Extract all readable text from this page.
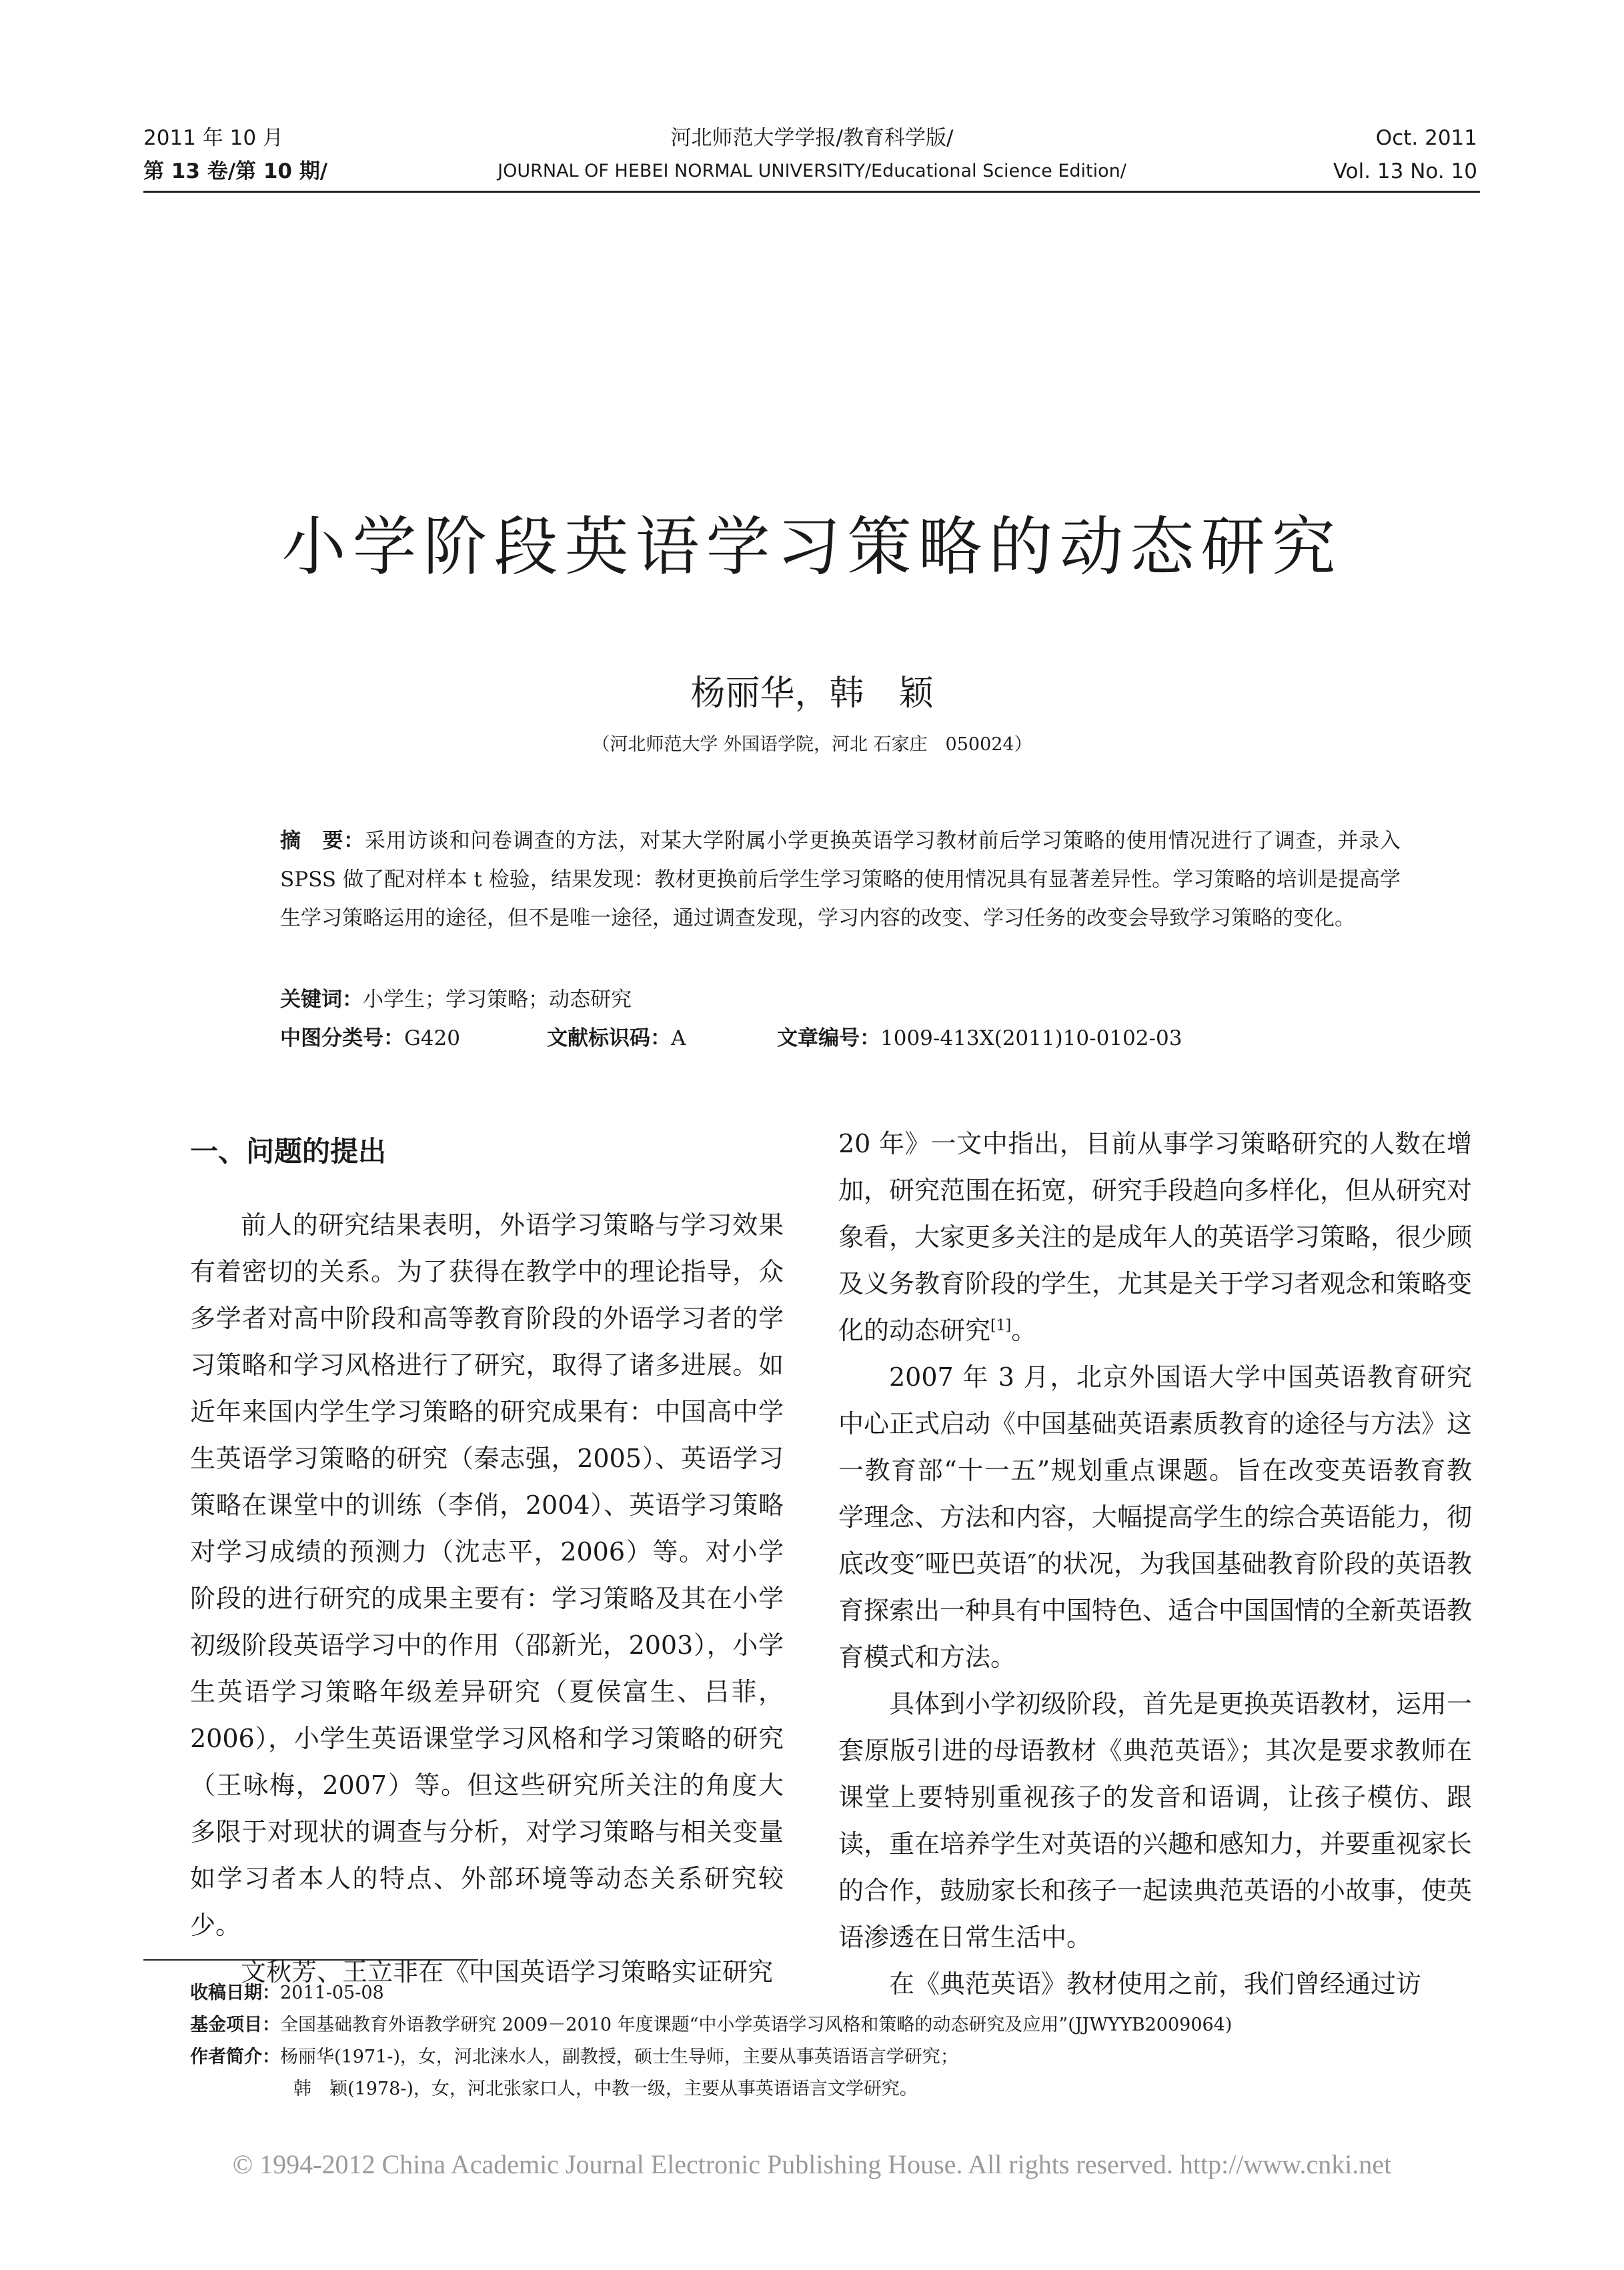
2011 年 10 月
第 13 卷/第 10 期/
河北师范大学学报/教育科学版/
JOURNAL OF HEBEI NORMAL UNIVERSITY/Educational Science Edition/
Oct. 2011
Vol. 13 No. 10
小学阶段英语学习策略的动态研究
杨丽华，韩　颖
（河北师范大学 外国语学院，河北 石家庄　050024）
摘　要：采用访谈和问卷调查的方法，对某大学附属小学更换英语学习教材前后学习策略的使用情况进行了调查，并录入 SPSS 做了配对样本 t 检验，结果发现：教材更换前后学生学习策略的使用情况具有显著差异性。学习策略的培训是提高学生学习策略运用的途径，但不是唯一途径，通过调查发现，学习内容的改变、学习任务的改变会导致学习策略的变化。
关键词：小学生；学习策略；动态研究
中图分类号：G420	文献标识码：A	文章编号：1009-413X(2011)10-0102-03
一、问题的提出

前人的研究结果表明，外语学习策略与学习效果有着密切的关系。为了获得在教学中的理论指导，众多学者对高中阶段和高等教育阶段的外语学习者的学习策略和学习风格进行了研究，取得了诸多进展。如近年来国内学生学习策略的研究成果有：中国高中学生英语学习策略的研究（秦志强，2005）、英语学习策略在课堂中的训练（李俏，2004）、英语学习策略对学习成绩的预测力（沈志平，2006）等。对小学阶段的进行研究的成果主要有：学习策略及其在小学初级阶段英语学习中的作用（邵新光，2003），小学生英语学习策略年级差异研究（夏侯富生、吕菲，2006），小学生英语课堂学习风格和学习策略的研究（王咏梅，2007）等。但这些研究所关注的角度大多限于对现状的调查与分析，对学习策略与相关变量如学习者本人的特点、外部环境等动态关系研究较少。

文秋芳、王立非在《中国英语学习策略实证研究

20 年》一文中指出，目前从事学习策略研究的人数在增加，研究范围在拓宽，研究手段趋向多样化，但从研究对象看，大家更多关注的是成年人的英语学习策略，很少顾及义务教育阶段的学生，尤其是关于学习者观念和策略变化的动态研究[1]。

2007 年 3 月，北京外国语大学中国英语教育研究中心正式启动《中国基础英语素质教育的途径与方法》这一教育部“十一五”规划重点课题。旨在改变英语教育教学理念、方法和内容，大幅提高学生的综合英语能力，彻底改变″哑巴英语″的状况，为我国基础教育阶段的英语教育探索出一种具有中国特色、适合中国国情的全新英语教育模式和方法。

具体到小学初级阶段，首先是更换英语教材，运用一套原版引进的母语教材《典范英语》；其次是要求教师在课堂上要特别重视孩子的发音和语调，让孩子模仿、跟读，重在培养学生对英语的兴趣和感知力，并要重视家长的合作，鼓励家长和孩子一起读典范英语的小故事，使英语渗透在日常生活中。

在《典范英语》教材使用之前，我们曾经通过访

收稿日期：2011-05-08
基金项目：全国基础教育外语教学研究 2009－2010 年度课题“中小学英语学习风格和策略的动态研究及应用”(JJWYYB2009064)
作者简介：杨丽华(1971-)，女，河北涞水人，副教授，硕士生导师，主要从事英语语言学研究；
韩　颖(1978-)，女，河北张家口人，中教一级，主要从事英语语言文学研究。
© 1994-2012 China Academic Journal Electronic Publishing House. All rights reserved. http://www.cnki.net
